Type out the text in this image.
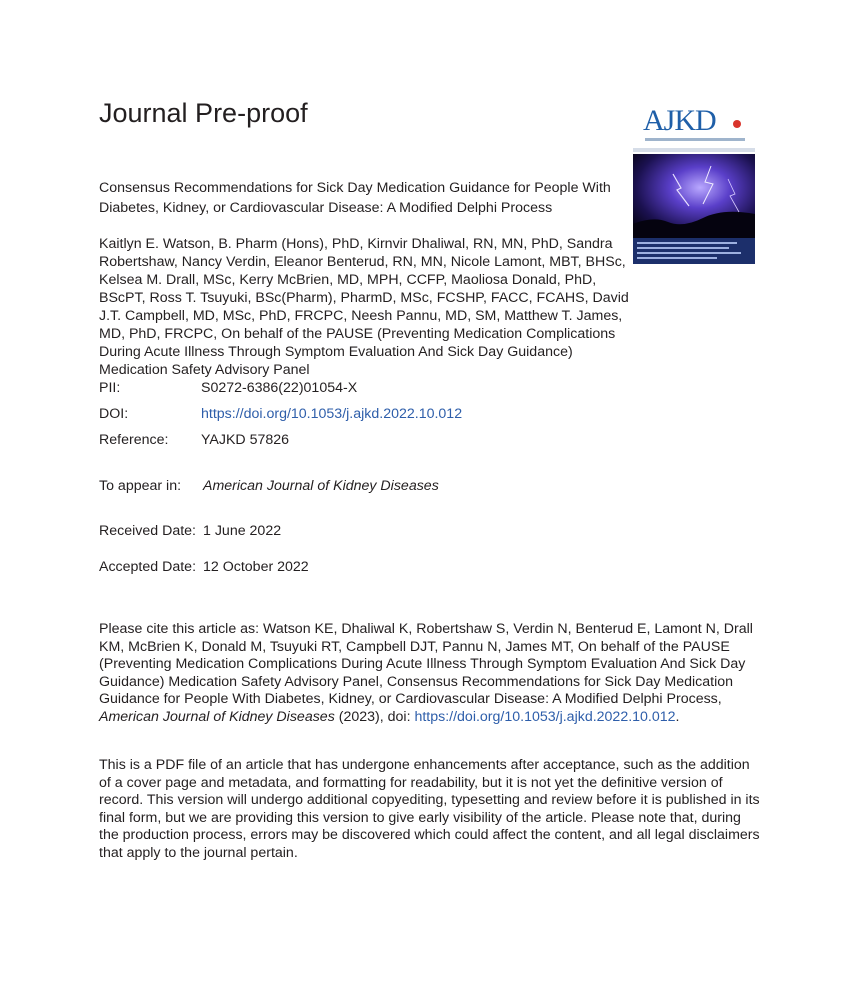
Journal Pre-proof	AJKD
Consensus Recommendations for Sick Day Medication Guidance for People With Diabetes, Kidney, or Cardiovascular Disease: A Modified Delphi Process
Kaitlyn E. Watson, B. Pharm (Hons), PhD, Kirnvir Dhaliwal, RN, MN, PhD, Sandra Robertshaw, Nancy Verdin, Eleanor Benterud, RN, MN, Nicole Lamont, MBT, BHSc, Kelsea M. Drall, MSc, Kerry McBrien, MD, MPH, CCFP, Maoliosa Donald, PhD, BScPT, Ross T. Tsuyuki, BSc(Pharm), PharmD, MSc, FCSHP, FACC, FCAHS, David J.T. Campbell, MD, MSc, PhD, FRCPC, Neesh Pannu, MD, SM, Matthew T. James, MD, PhD, FRCPC, On behalf of the PAUSE (Preventing Medication Complications During Acute Illness Through Symptom Evaluation And Sick Day Guidance) Medication Safety Advisory Panel
PII:	S0272-6386(22)01054-X
DOI:	https://doi.org/10.1053/j.ajkd.2022.10.012
Reference: YAJKD 57826
To appear in: American Journal of Kidney Diseases
Received Date: 1 June 2022
Accepted Date: 12 October 2022
Please cite this article as: Watson KE, Dhaliwal K, Robertshaw S, Verdin N, Benterud E, Lamont N, Drall KM, McBrien K, Donald M, Tsuyuki RT, Campbell DJT, Pannu N, James MT, On behalf of the PAUSE (Preventing Medication Complications During Acute Illness Through Symptom Evaluation And Sick Day Guidance) Medication Safety Advisory Panel, Consensus Recommendations for Sick Day Medication Guidance for People With Diabetes, Kidney, or Cardiovascular Disease: A Modified Delphi Process, American Journal of Kidney Diseases (2023), doi: https://doi.org/10.1053/j.ajkd.2022.10.012.
This is a PDF file of an article that has undergone enhancements after acceptance, such as the addition of a cover page and metadata, and formatting for readability, but it is not yet the definitive version of record. This version will undergo additional copyediting, typesetting and review before it is published in its final form, but we are providing this version to give early visibility of the article. Please note that, during the production process, errors may be discovered which could affect the content, and all legal disclaimers that apply to the journal pertain.
